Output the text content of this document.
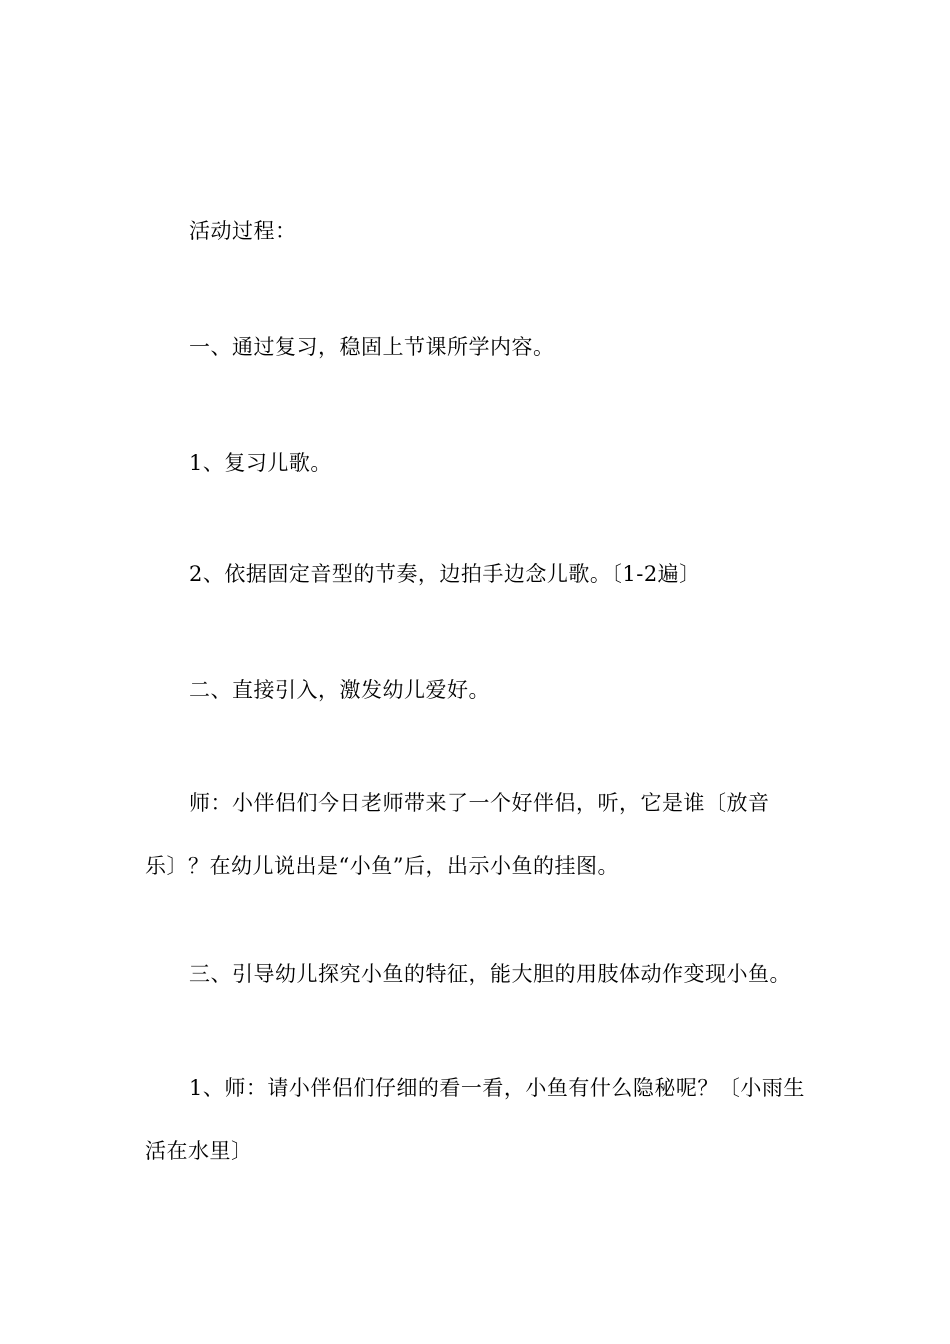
活动过程：

一、通过复习，稳固上节课所学内容。

1、复习儿歌。

2、依据固定音型的节奏，边拍手边念儿歌。〔1-2遍〕

二、直接引入，激发幼儿爱好。

师：小伴侣们今日老师带来了一个好伴侣，听，它是谁〔放音乐〕？在幼儿说出是“小鱼”后，出示小鱼的挂图。

三、引导幼儿探究小鱼的特征，能大胆的用肢体动作变现小鱼。

1、师：请小伴侣们仔细的看一看，小鱼有什么隐秘呢？〔小雨生活在水里〕
